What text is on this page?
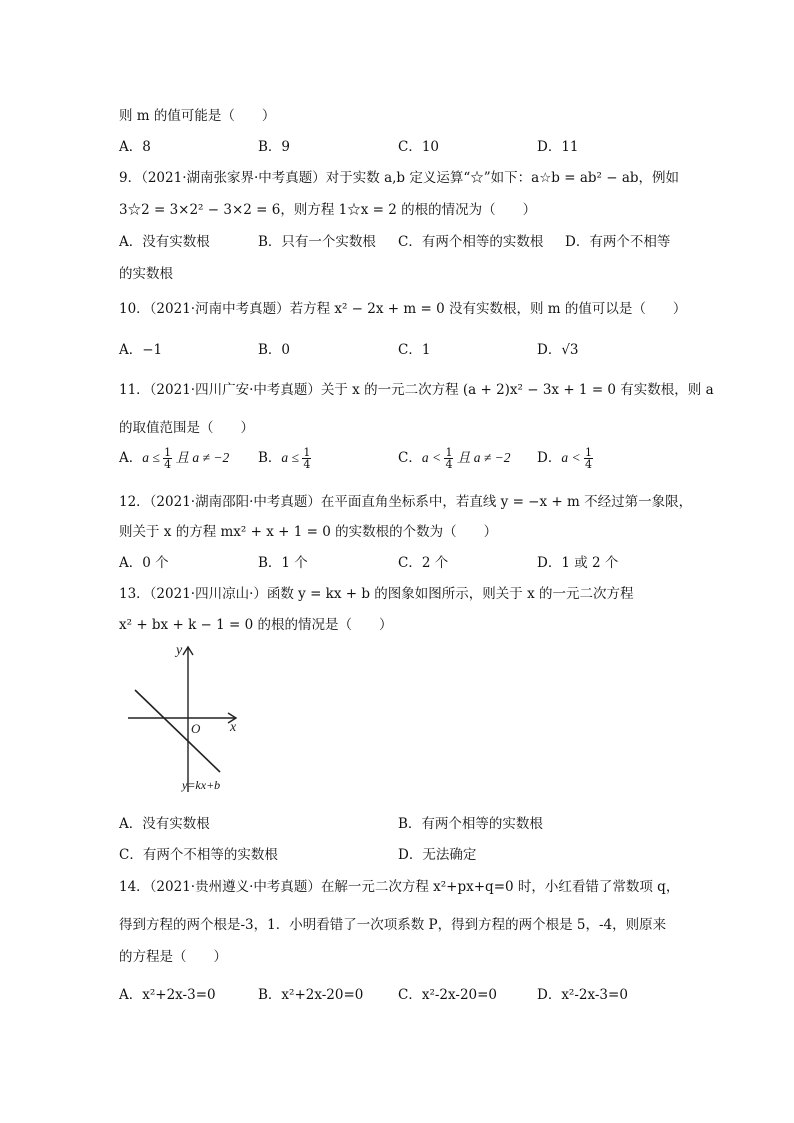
则 m 的值可能是（　　）
A．8	B．9	C．10	D．11
9．（2021·湖南张家界·中考真题）对于实数 a,b 定义运算“☆”如下：a☆b = ab² − ab，例如
3☆2 = 3×2² − 3×2 = 6，则方程 1☆x = 2 的根的情况为（　　）
A．没有实数根	B．只有一个实数根 C．有两个相等的实数根 D．有两个不相等
的实数根
10．（2021·河南中考真题）若方程 x² − 2x + m = 0 没有实数根，则 m 的值可以是（　　）
A．−1	B．0	C．1	D．√3
11．（2021·四川广安·中考真题）关于 x 的一元二次方程 (a + 2)x² − 3x + 1 = 0 有实数根，则 a
的取值范围是（　　）
A．$a \le \frac{1}{4}$ 且 a ≠ −2 B．$a \le \frac{1}{4}$	C．$a < \frac{1}{4}$ 且 a ≠ −2 D．$a < \frac{1}{4}$
12．（2021·湖南邵阳·中考真题）在平面直角坐标系中，若直线 y = −x + m 不经过第一象限，
则关于 x 的方程 mx² + x + 1 = 0 的实数根的个数为（　　）
A．0 个	B．1 个	C．2 个	D．1 或 2 个
13．（2021·四川凉山·）函数 y = kx + b 的图象如图所示，则关于 x 的一元二次方程
x² + bx + k − 1 = 0 的根的情况是（　　）
y
x
O
y=kx+b
A．没有实数根	B．有两个相等的实数根
C．有两个不相等的实数根	D．无法确定
14．（2021·贵州遵义·中考真题）在解一元二次方程 x²+px+q=0 时，小红看错了常数项 q，
得到方程的两个根是-3，1．小明看错了一次项系数 P，得到方程的两个根是 5，-4，则原来
的方程是（　　）
A．x²+2x-3=0	B．x²+2x-20=0	C．x²-2x-20=0	D．x²-2x-3=0
